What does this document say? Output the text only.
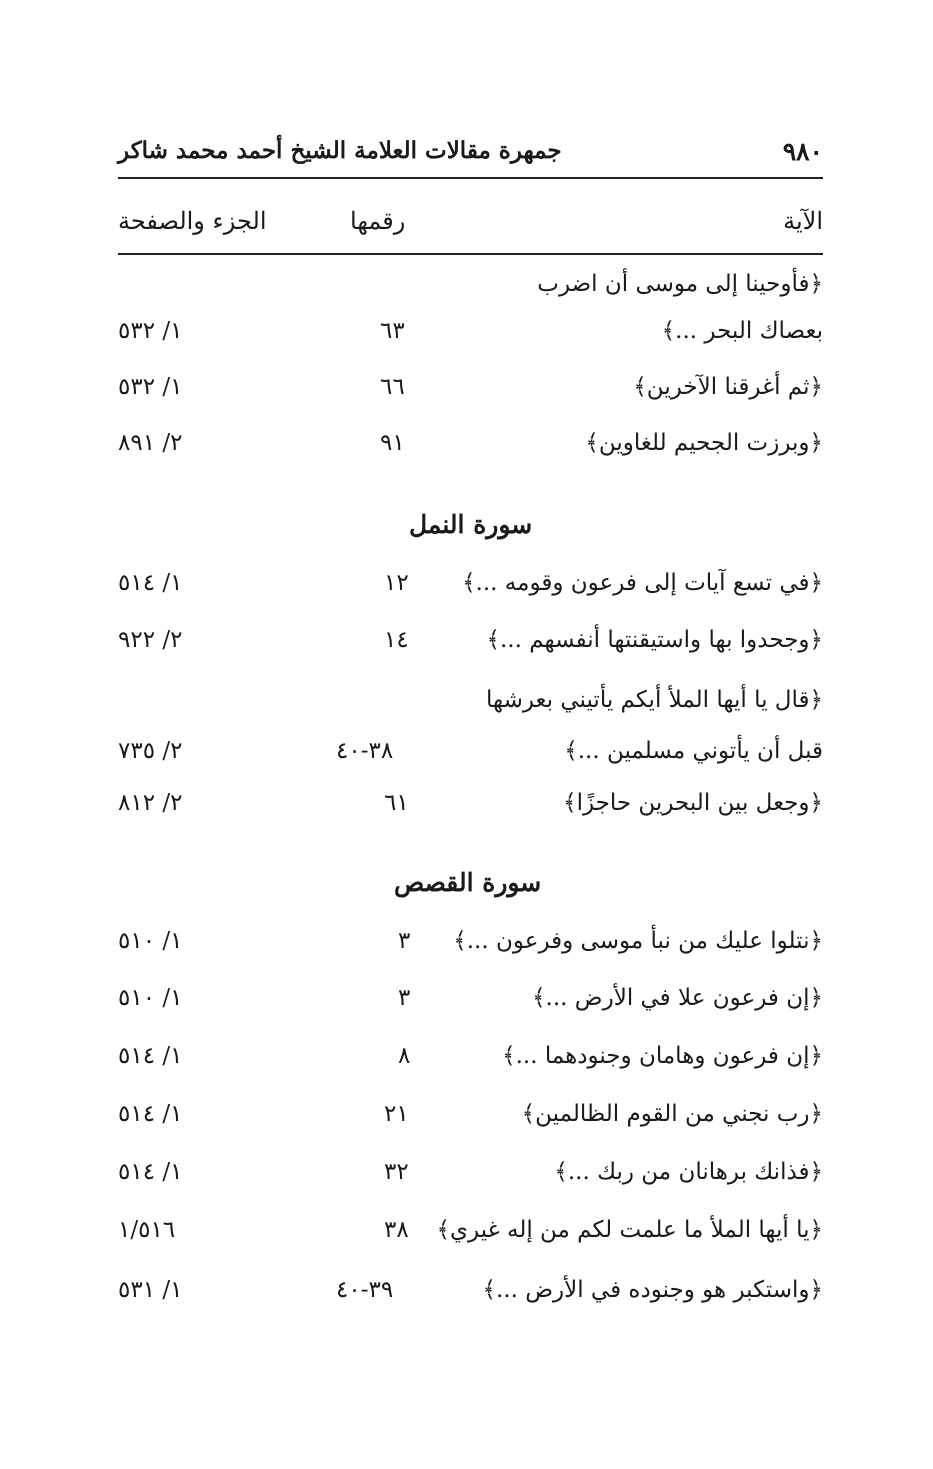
٩٨٠
جمهرة مقالات العلامة الشيخ أحمد محمد شاكر
الآية
رقمها
الجزء والصفحة
﴿فأوحينا إلى موسى أن اضرب
بعصاك البحر ...﴾
٦٣
١/ ٥٣٢
﴿ثم أغرقنا الآخرين﴾
٦٦
١/ ٥٣٢
﴿وبرزت الجحيم للغاوين﴾
٩١
٢/ ٨٩١
سورة النمل
﴿في تسع آيات إلى فرعون وقومه ...﴾
١٢
١/ ٥١٤
﴿وجحدوا بها واستيقنتها أنفسهم ...﴾
١٤
٢/ ٩٢٢
﴿قال يا أيها الملأ أيكم يأتيني بعرشها
قبل أن يأتوني مسلمين ...﴾
٣٨-٤٠
٢/ ٧٣٥
﴿وجعل بين البحرين حاجزًا﴾
٦١
٢/ ٨١٢
سورة القصص
﴿نتلوا عليك من نبأ موسى وفرعون ...﴾
٣
١/ ٥١٠
﴿إن فرعون علا في الأرض ...﴾
٣
١/ ٥١٠
﴿إن فرعون وهامان وجنودهما ...﴾
٨
١/ ٥١٤
﴿رب نجني من القوم الظالمين﴾
٢١
١/ ٥١٤
﴿فذانك برهانان من ربك ...﴾
٣٢
١/ ٥١٤
﴿يا أيها الملأ ما علمت لكم من إله غيري﴾
٣٨
١/٥١٦
﴿واستكبر هو وجنوده في الأرض ...﴾
٣٩-٤٠
١/ ٥٣١
